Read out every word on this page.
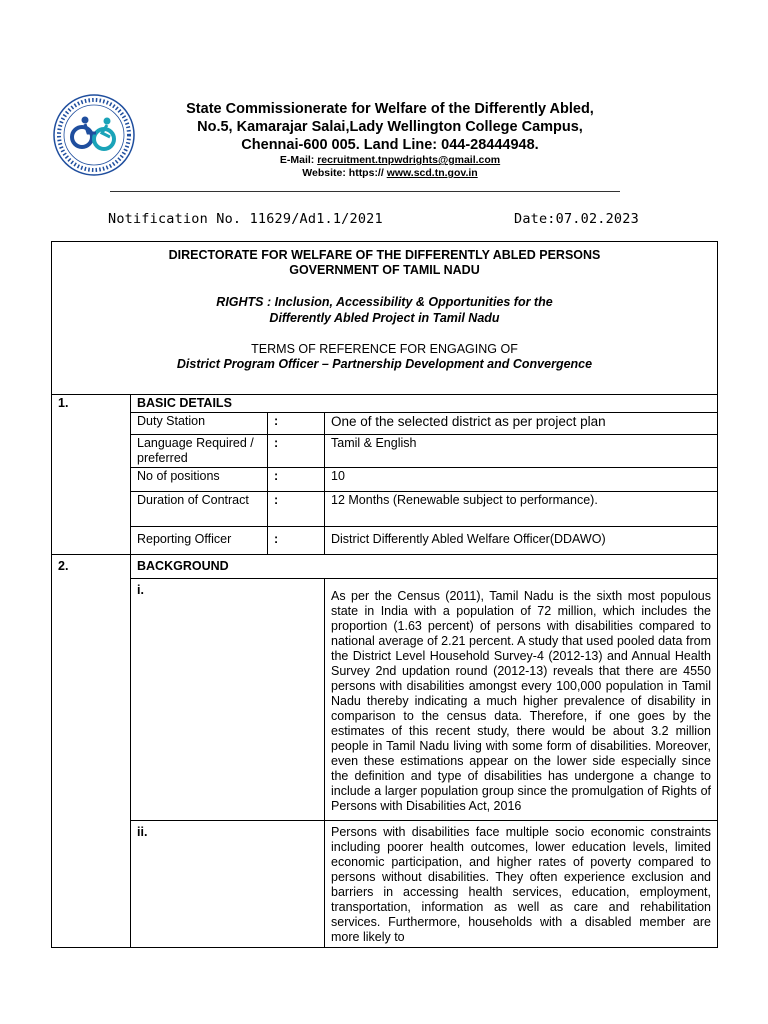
State Commissionerate for Welfare of the Differently Abled,
No.5, Kamarajar Salai,Lady Wellington College Campus,
Chennai-600 005. Land Line: 044-28444948.
E-Mail: recruitment.tnpwdrights@gmail.com
Website: https:// www.scd.tn.gov.in
Notification No. 11629/Ad1.1/2021	Date:07.02.2023
DIRECTORATE FOR WELFARE OF THE DIFFERENTLY ABLED PERSONS
GOVERNMENT OF TAMIL NADU
RIGHTS : Inclusion, Accessibility & Opportunities for the
Differently Abled Project in Tamil Nadu
TERMS OF REFERENCE FOR ENGAGING OF
District Program Officer – Partnership Development and Convergence
1.	BASIC DETAILS		
	Duty Station	:	One of the selected district as per project plan
	Language Required / preferred	:	Tamil & English
	No of positions	:	10
	Duration of Contract	:	12 Months (Renewable subject to performance).
	Reporting Officer	:	District Differently Abled Welfare Officer(DDAWO)
2.	BACKGROUND		
	i.		As per the Census (2011), Tamil Nadu is the sixth most populous state in India with a population of 72 million, which includes the proportion (1.63 percent) of persons with disabilities compared to national average of 2.21 percent. A study that used pooled data from the District Level Household Survey-4 (2012-13) and Annual Health Survey 2nd updation round (2012-13) reveals that there are 4550 persons with disabilities amongst every 100,000 population in Tamil Nadu thereby indicating a much higher prevalence of disability in comparison to the census data. Therefore, if one goes by the estimates of this recent study, there would be about 3.2 million people in Tamil Nadu living with some form of disabilities. Moreover, even these estimations appear on the lower side especially since the definition and type of disabilities has undergone a change to include a larger population group since the promulgation of Rights of Persons with Disabilities Act, 2016
	ii.		Persons with disabilities face multiple socio economic constraints including poorer health outcomes, lower education levels, limited economic participation, and higher rates of poverty compared to persons without disabilities. They often experience exclusion and barriers in accessing health services, education, employment, transportation, information as well as care and rehabilitation services. Furthermore, households with a disabled member are more likely to
